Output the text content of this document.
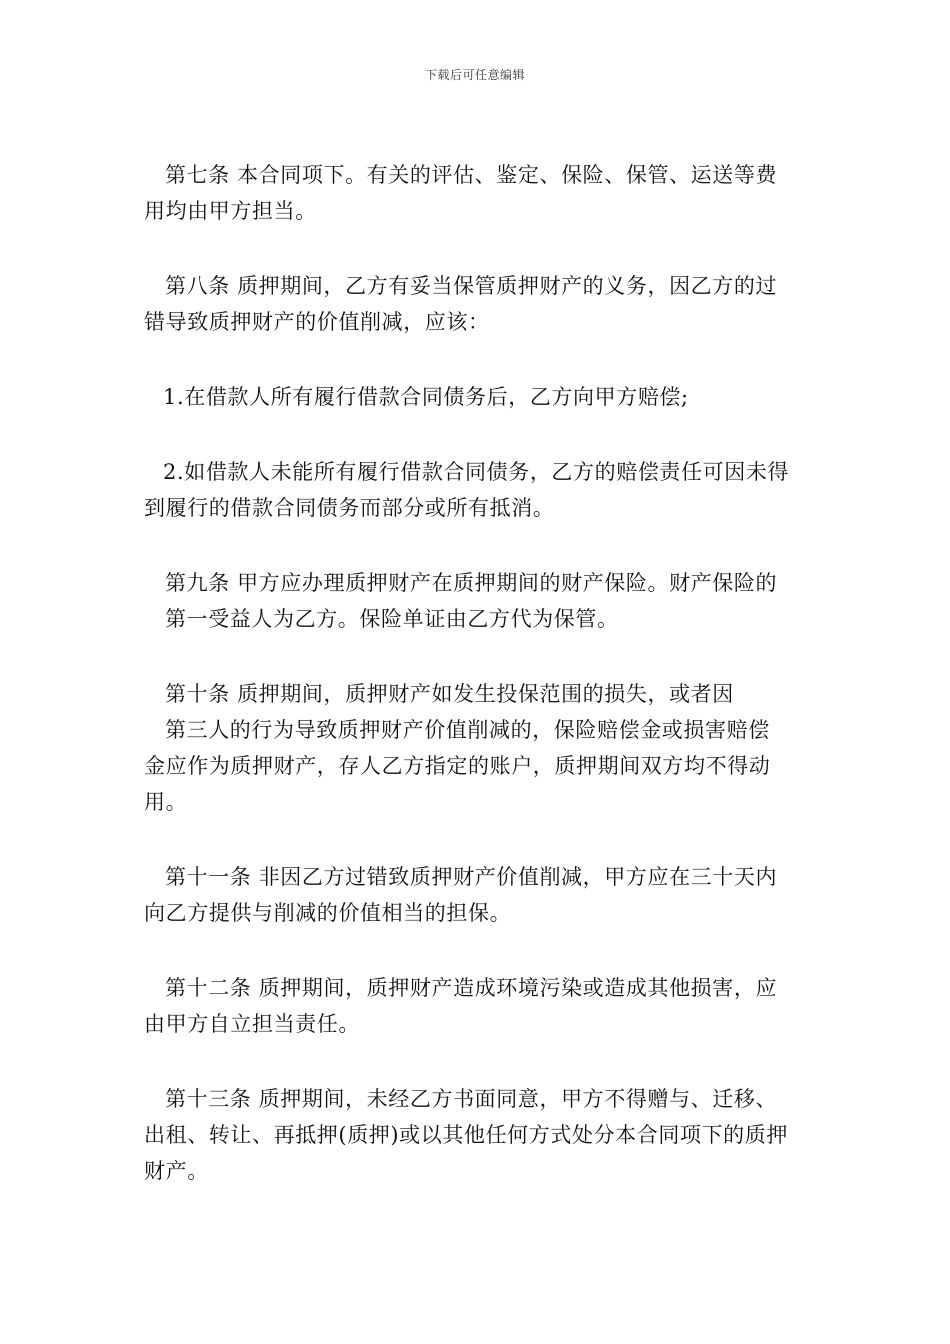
下载后可任意编辑
第七条 本合同项下。有关的评估、鉴定、保险、保管、运送等费
用均由甲方担当。
第八条 质押期间，乙方有妥当保管质押财产的义务，因乙方的过
错导致质押财产的价值削减，应该：
1.在借款人所有履行借款合同债务后，乙方向甲方赔偿;
2.如借款人未能所有履行借款合同债务，乙方的赔偿责任可因未得
到履行的借款合同债务而部分或所有抵消。
第九条 甲方应办理质押财产在质押期间的财产保险。财产保险的
第一受益人为乙方。保险单证由乙方代为保管。
第十条 质押期间，质押财产如发生投保范围的损失，或者因
第三人的行为导致质押财产价值削减的，保险赔偿金或损害赔偿
金应作为质押财产，存人乙方指定的账户，质押期间双方均不得动
用。
第十一条 非因乙方过错致质押财产价值削减，甲方应在三十天内
向乙方提供与削减的价值相当的担保。
第十二条 质押期间，质押财产造成环境污染或造成其他损害，应
由甲方自立担当责任。
第十三条 质押期间，未经乙方书面同意，甲方不得赠与、迁移、
出租、转让、再抵押(质押)或以其他任何方式处分本合同项下的质押
财产。
